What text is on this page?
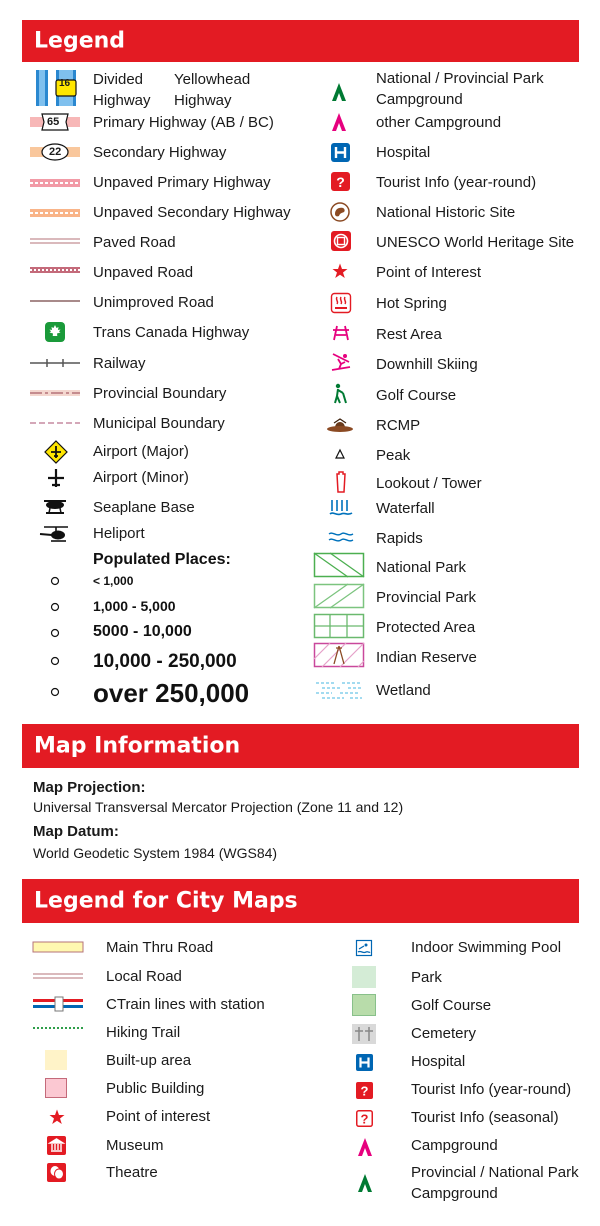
Legend
16 Divided
Highway
Yellowhead
Highway
65 Primary Highway (AB / BC)
22 Secondary Highway
Unpaved Primary Highway
Unpaved Secondary Highway
Paved Road
Unpaved Road
Unimproved Road
Trans Canada Highway
Railway
Provincial Boundary
Municipal Boundary
Airport (Major)
Airport (Minor)
Seaplane Base
Heliport
Populated Places:
< 1,000
1,000 - 5,000
5000 - 10,000
10,000 - 250,000
over 250,000
National / Provincial Park
Campground
other Campground
Hospital
? Tourist Info (year-round)
National Historic Site
UNESCO World Heritage Site
Point of Interest
Hot Spring
Rest Area
Downhill Skiing
Golf Course
RCMP
Peak
Lookout / Tower
Waterfall
Rapids
National Park
Provincial Park
Protected Area
Indian Reserve
Wetland
Map Information
Map Projection:
Universal Transversal Mercator Projection (Zone 11 and 12)
Map Datum:
World Geodetic System 1984 (WGS84)
Legend for City Maps
Main Thru Road
Local Road
CTrain lines with station
Hiking Trail
Built-up area
Public Building
Point of interest
Museum
Theatre
Indoor Swimming Pool
Park
Golf Course
Cemetery
Hospital
?	Tourist Info (year-round)
?	Tourist Info (seasonal)
Campground
Provincial / National Park
Campground
